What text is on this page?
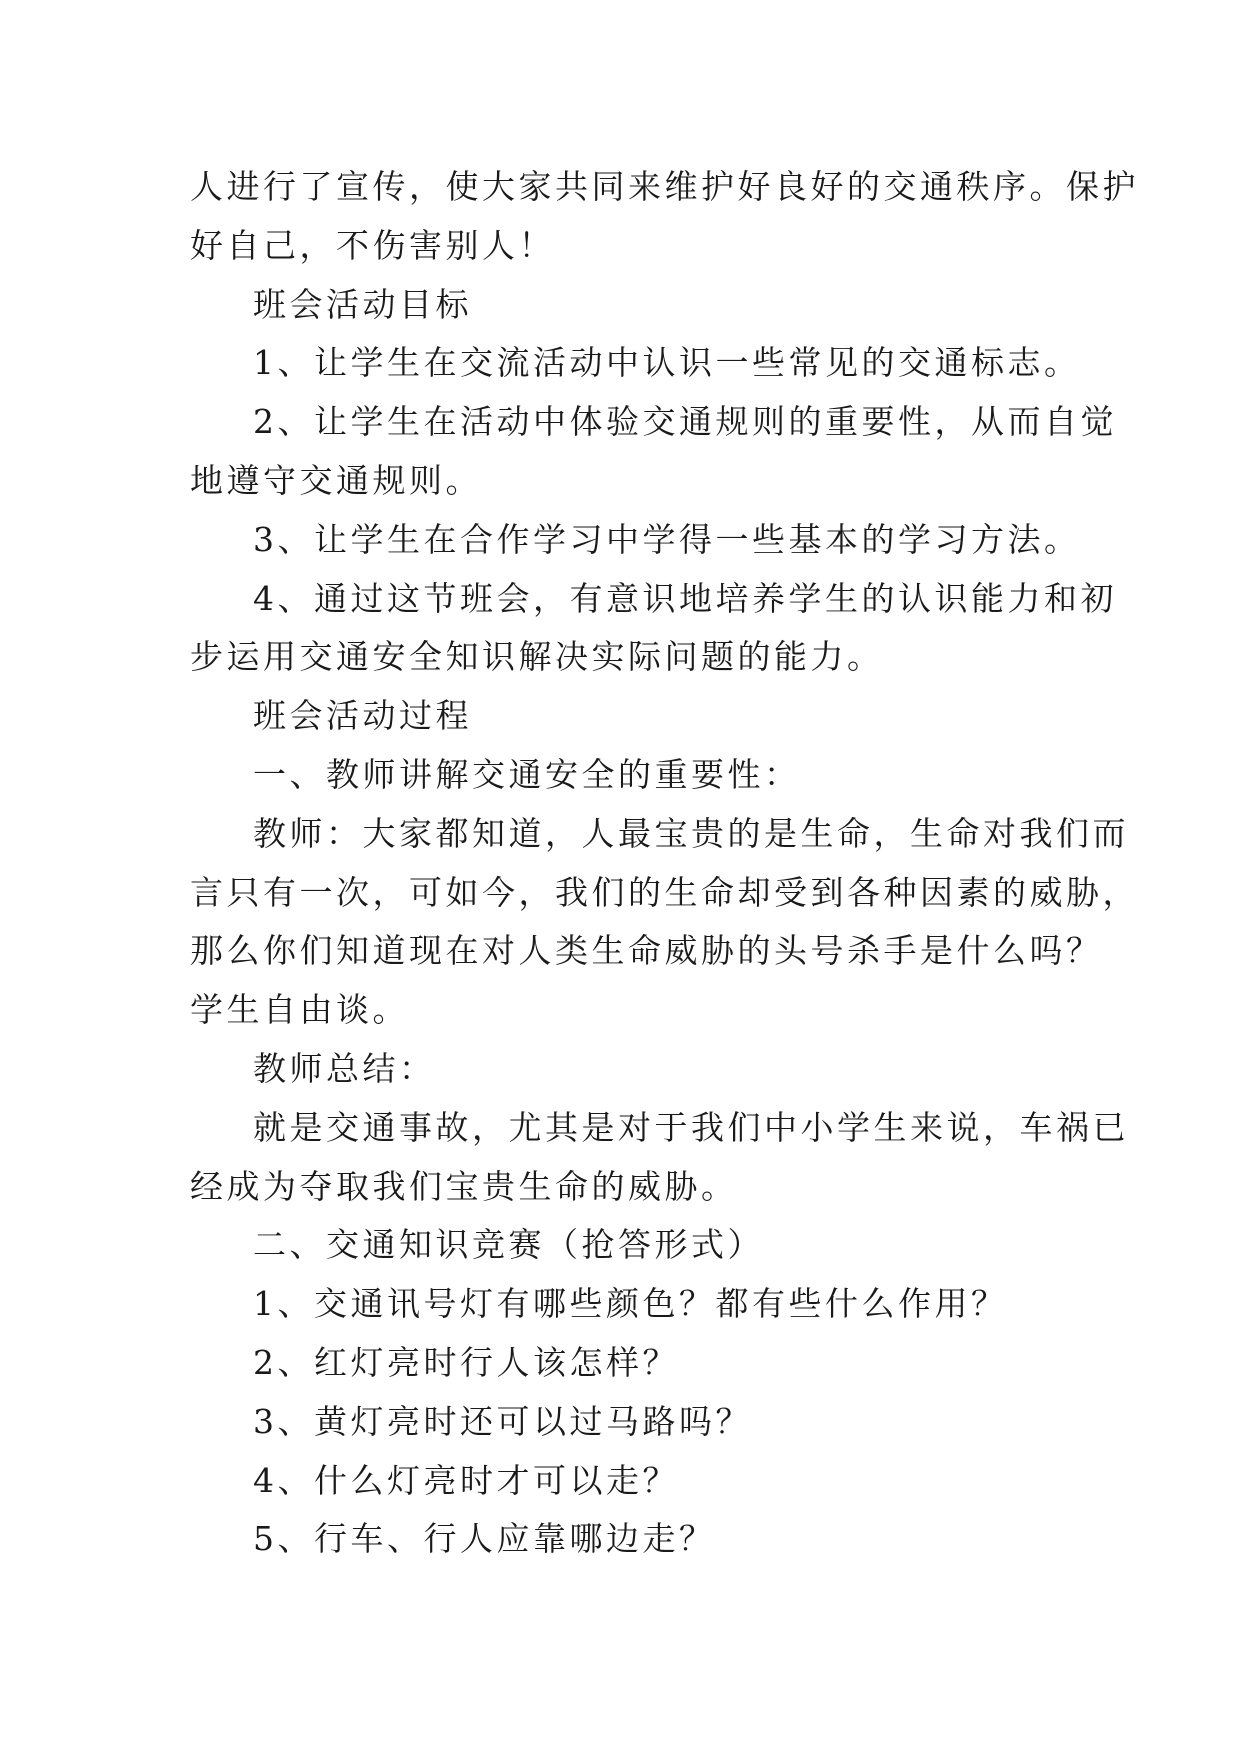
人进行了宣传，使大家共同来维护好良好的交通秩序。保护

好自己，不伤害别人！

班会活动目标

1、让学生在交流活动中认识一些常见的交通标志。

2、让学生在活动中体验交通规则的重要性，从而自觉

地遵守交通规则。

3、让学生在合作学习中学得一些基本的学习方法。

4、通过这节班会，有意识地培养学生的认识能力和初

步运用交通安全知识解决实际问题的能力。

班会活动过程

一、教师讲解交通安全的重要性：

教师：大家都知道，人最宝贵的是生命，生命对我们而

言只有一次，可如今，我们的生命却受到各种因素的威胁，

那么你们知道现在对人类生命威胁的头号杀手是什么吗？

学生自由谈。

教师总结：

就是交通事故，尤其是对于我们中小学生来说，车祸已

经成为夺取我们宝贵生命的威胁。

二、交通知识竞赛（抢答形式）

1、交通讯号灯有哪些颜色？都有些什么作用？

2、红灯亮时行人该怎样？

3、黄灯亮时还可以过马路吗？

4、什么灯亮时才可以走？

5、行车、行人应靠哪边走？
